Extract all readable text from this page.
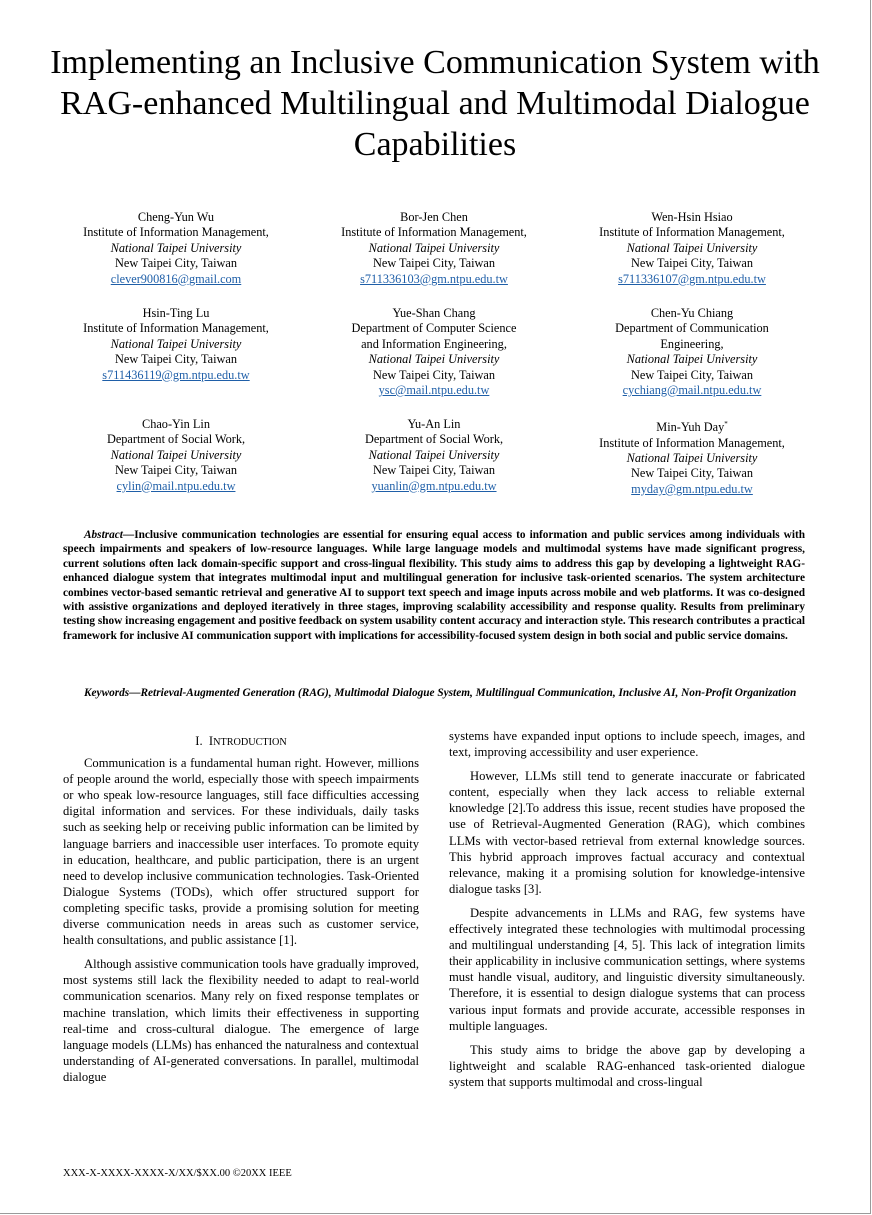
Implementing an Inclusive Communication System with RAG-enhanced Multilingual and Multimodal Dialogue Capabilities
Cheng-Yun Wu
Institute of Information Management,
National Taipei University
New Taipei City, Taiwan
clever900816@gmail.com
Bor-Jen Chen
Institute of Information Management,
National Taipei University
New Taipei City, Taiwan
s711336103@gm.ntpu.edu.tw
Wen-Hsin Hsiao
Institute of Information Management,
National Taipei University
New Taipei City, Taiwan
s711336107@gm.ntpu.edu.tw
Hsin-Ting Lu
Institute of Information Management,
National Taipei University
New Taipei City, Taiwan
s711436119@gm.ntpu.edu.tw
Yue-Shan Chang
Department of Computer Science
and Information Engineering,
National Taipei University
New Taipei City, Taiwan
ysc@mail.ntpu.edu.tw
Chen-Yu Chiang
Department of Communication
Engineering,
National Taipei University
New Taipei City, Taiwan
cychiang@mail.ntpu.edu.tw
Chao-Yin Lin
Department of Social Work,
National Taipei University
New Taipei City, Taiwan
cylin@mail.ntpu.edu.tw
Yu-An Lin
Department of Social Work,
National Taipei University
New Taipei City, Taiwan
yuanlin@gm.ntpu.edu.tw
Min-Yuh Day*
Institute of Information Management,
National Taipei University
New Taipei City, Taiwan
myday@gm.ntpu.edu.tw
Abstract—Inclusive communication technologies are essential for ensuring equal access to information and public services among individuals with speech impairments and speakers of low-resource languages. While large language models and multimodal systems have made significant progress, current solutions often lack domain-specific support and cross-lingual flexibility. This study aims to address this gap by developing a lightweight RAG-enhanced dialogue system that integrates multimodal input and multilingual generation for inclusive task-oriented scenarios. The system architecture combines vector-based semantic retrieval and generative AI to support text speech and image inputs across mobile and web platforms. It was co-designed with assistive organizations and deployed iteratively in three stages, improving scalability accessibility and response quality. Results from preliminary testing show increasing engagement and positive feedback on system usability content accuracy and interaction style. This research contributes a practical framework for inclusive AI communication support with implications for accessibility-focused system design in both social and public service domains.
Keywords—Retrieval-Augmented Generation (RAG), Multimodal Dialogue System, Multilingual Communication, Inclusive AI, Non-Profit Organization
I. INTRODUCTION

Communication is a fundamental human right. However, millions of people around the world, especially those with speech impairments or who speak low-resource languages, still face difficulties accessing digital information and services. For these individuals, daily tasks such as seeking help or receiving public information can be limited by language barriers and inaccessible user interfaces. To promote equity in education, healthcare, and public participation, there is an urgent need to develop inclusive communication technologies. Task-Oriented Dialogue Systems (TODs), which offer structured support for completing specific tasks, provide a promising solution for meeting diverse communication needs in areas such as customer service, health consultations, and public assistance [1].

Although assistive communication tools have gradually improved, most systems still lack the flexibility needed to adapt to real-world communication scenarios. Many rely on fixed response templates or machine translation, which limits their effectiveness in supporting real-time and cross-cultural dialogue. The emergence of large language models (LLMs) has enhanced the naturalness and contextual understanding of AI-generated conversations. In parallel, multimodal dialogue

systems have expanded input options to include speech, images, and text, improving accessibility and user experience.

However, LLMs still tend to generate inaccurate or fabricated content, especially when they lack access to reliable external knowledge [2].To address this issue, recent studies have proposed the use of Retrieval-Augmented Generation (RAG), which combines LLMs with vector-based retrieval from external knowledge sources. This hybrid approach improves factual accuracy and contextual relevance, making it a promising solution for knowledge-intensive dialogue tasks [3].

Despite advancements in LLMs and RAG, few systems have effectively integrated these technologies with multimodal processing and multilingual understanding [4, 5]. This lack of integration limits their applicability in inclusive communication settings, where systems must handle visual, auditory, and linguistic diversity simultaneously. Therefore, it is essential to design dialogue systems that can process various input formats and provide accurate, accessible responses in multiple languages.

This study aims to bridge the above gap by developing a lightweight and scalable RAG-enhanced task-oriented dialogue system that supports multimodal and cross-lingual

XXX-X-XXXX-XXXX-X/XX/$XX.00 ©20XX IEEE
